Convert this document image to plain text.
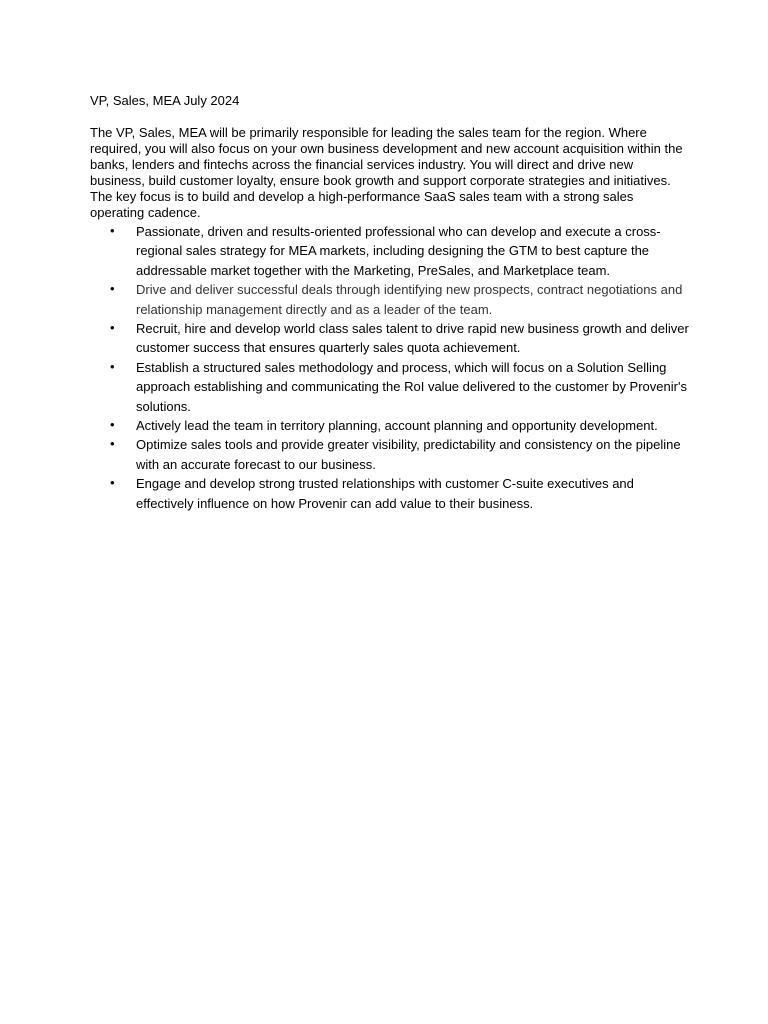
VP, Sales, MEA July 2024

The VP, Sales, MEA will be primarily responsible for leading the sales team for the region. Where required, you will also focus on your own business development and new account acquisition within the banks, lenders and fintechs across the financial services industry. You will direct and drive new business, build customer loyalty, ensure book growth and support corporate strategies and initiatives. The key focus is to build and develop a high-performance SaaS sales team with a strong sales operating cadence.

• Passionate, driven and results-oriented professional who can develop and execute a cross-regional sales strategy for MEA markets, including designing the GTM to best capture the addressable market together with the Marketing, PreSales, and Marketplace team.
• Drive and deliver successful deals through identifying new prospects, contract negotiations and relationship management directly and as a leader of the team.
• Recruit, hire and develop world class sales talent to drive rapid new business growth and deliver customer success that ensures quarterly sales quota achievement.
• Establish a structured sales methodology and process, which will focus on a Solution Selling approach establishing and communicating the RoI value delivered to the customer by Provenir's solutions.
• Actively lead the team in territory planning, account planning and opportunity development.
• Optimize sales tools and provide greater visibility, predictability and consistency on the pipeline with an accurate forecast to our business.
• Engage and develop strong trusted relationships with customer C-suite executives and effectively influence on how Provenir can add value to their business.
